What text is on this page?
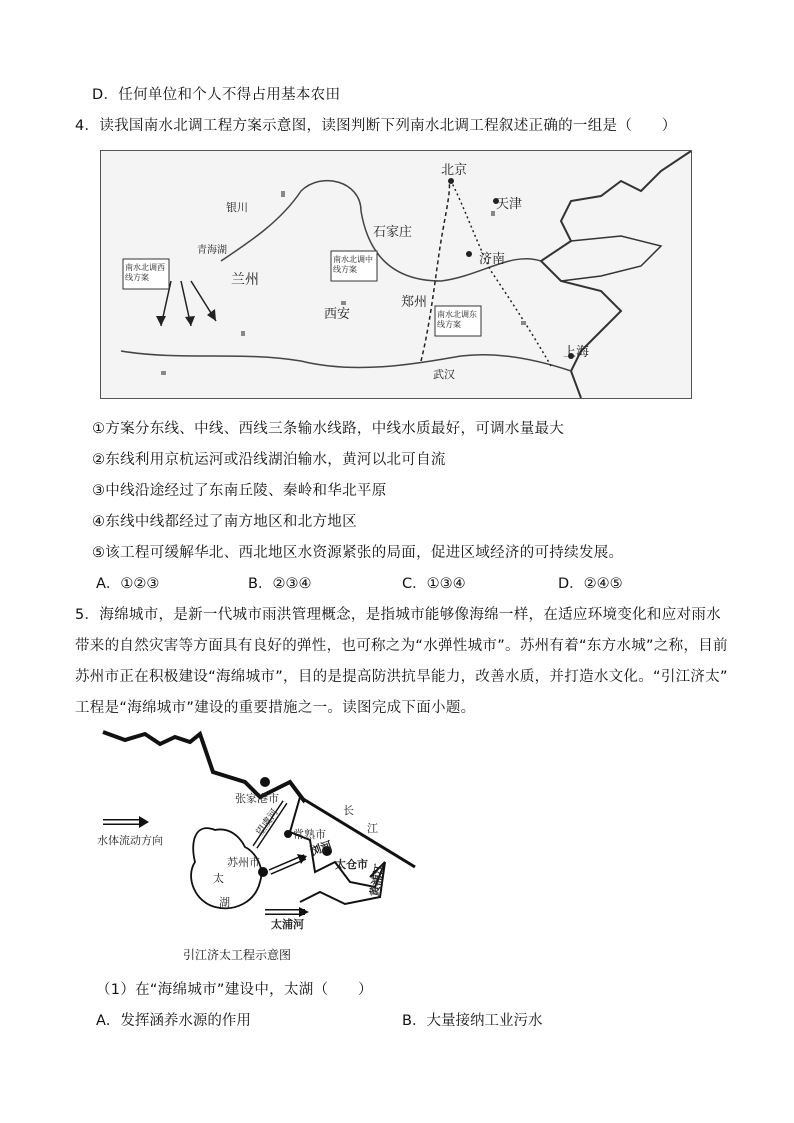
D．任何单位和个人不得占用基本农田
4．读我国南水北调工程方案示意图，读图判断下列南水北调工程叙述正确的一组是（　　）
北京
天津
银川
青海湖
兰州
石家庄
济南
郑州
西安
武汉
上海
南水北调西线方案
南水北调中线方案
南水北调东线方案
①方案分东线、中线、西线三条输水线路，中线水质最好，可调水量最大
②东线利用京杭运河或沿线湖泊输水，黄河以北可自流
③中线沿途经过了东南丘陵、秦岭和华北平原
④东线中线都经过了南方地区和北方地区
⑤该工程可缓解华北、西北地区水资源紧张的局面，促进区域经济的可持续发展。
A．①②③	B．②③④	C．①③④	D．②④⑤
5．海绵城市，是新一代城市雨洪管理概念，是指城市能够像海绵一样，在适应环境变化和应对雨水
带来的自然灾害等方面具有良好的弹性，也可称之为“水弹性城市”。苏州有着“东方水城”之称，目前
苏州市正在积极建设“海绵城市”，目的是提高防洪抗旱能力，改善水质，并打造水文化。“引江济太”
工程是“海绵城市”建设的重要措施之一。读图完成下面小题。
水体流动方向
张家港市
望虞河 常熟市
苏州市	太仓市
浏河
长
江
黄浦江
太
湖
太浦河
引江济太工程示意图
（1）在“海绵城市”建设中，太湖（　　）
A．发挥涵养水源的作用	B．大量接纳工业污水
